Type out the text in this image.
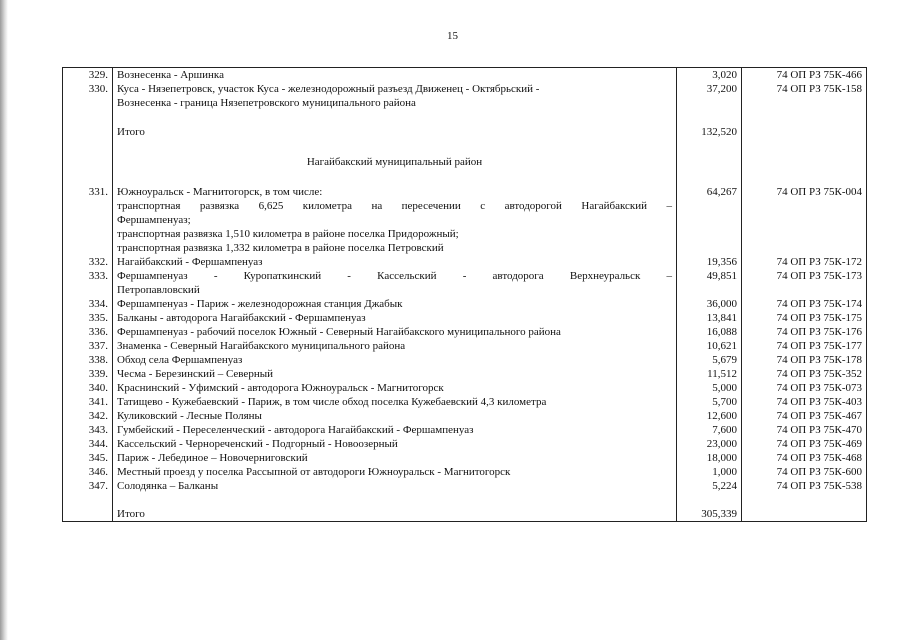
15
329.	Вознесенка - Аршинка	3,020	74 ОП РЗ 75К-466
330.	Куса - Нязепетровск, участок Куса - железнодорожный разъезд Движенец - Октябрьский -
Вознесенка - граница Нязепетровского муниципального района	37,200	74 ОП РЗ 75К-158
	Итого	132,520	
	Нагайбакский муниципальный район		
331.	Южноуральск - Магнитогорск, в том числе:
транспортная развязка 6,625 километра на пересечении с автодорогой Нагайбакский –
Фершампенуаз;
транспортная развязка 1,510 километра в районе поселка Придорожный;
транспортная развязка 1,332 километра в районе поселка Петровский	64,267	74 ОП РЗ 75К-004
332.	Нагайбакский - Фершампенуаз	19,356	74 ОП РЗ 75К-172
333.	Фершампенуаз - Куропаткинский - Кассельский - автодорога Верхнеуральск –
Петропавловский	49,851	74 ОП РЗ 75К-173
334.	Фершампенуаз - Париж - железнодорожная станция Джабык	36,000	74 ОП РЗ 75К-174
335.	Балканы - автодорога Нагайбакский - Фершампенуаз	13,841	74 ОП РЗ 75К-175
336.	Фершампенуаз - рабочий поселок Южный - Северный Нагайбакского муниципального района	16,088	74 ОП РЗ 75К-176
337.	Знаменка - Северный Нагайбакского муниципального района	10,621	74 ОП РЗ 75К-177
338.	Обход села Фершампенуаз	5,679	74 ОП РЗ 75К-178
339.	Чесма - Березинский – Северный	11,512	74 ОП РЗ 75К-352
340.	Краснинский - Уфимский - автодорога Южноуральск - Магнитогорск	5,000	74 ОП РЗ 75К-073
341.	Татищево - Кужебаевский - Париж, в том числе обход поселка Кужебаевский 4,3 километра	5,700	74 ОП РЗ 75К-403
342.	Куликовский - Лесные Поляны	12,600	74 ОП РЗ 75К-467
343.	Гумбейский - Переселенческий - автодорога Нагайбакский - Фершампенуаз	7,600	74 ОП РЗ 75К-470
344.	Кассельский - Чернореченский - Подгорный - Новоозерный	23,000	74 ОП РЗ 75К-469
345.	Париж - Лебединое – Новочерниговский	18,000	74 ОП РЗ 75К-468
346.	Местный проезд у поселка Рассыпной от автодороги Южноуральск - Магнитогорск	1,000	74 ОП РЗ 75К-600
347.	Солодянка – Балканы	5,224	74 ОП РЗ 75К-538
	Итого	305,339	
